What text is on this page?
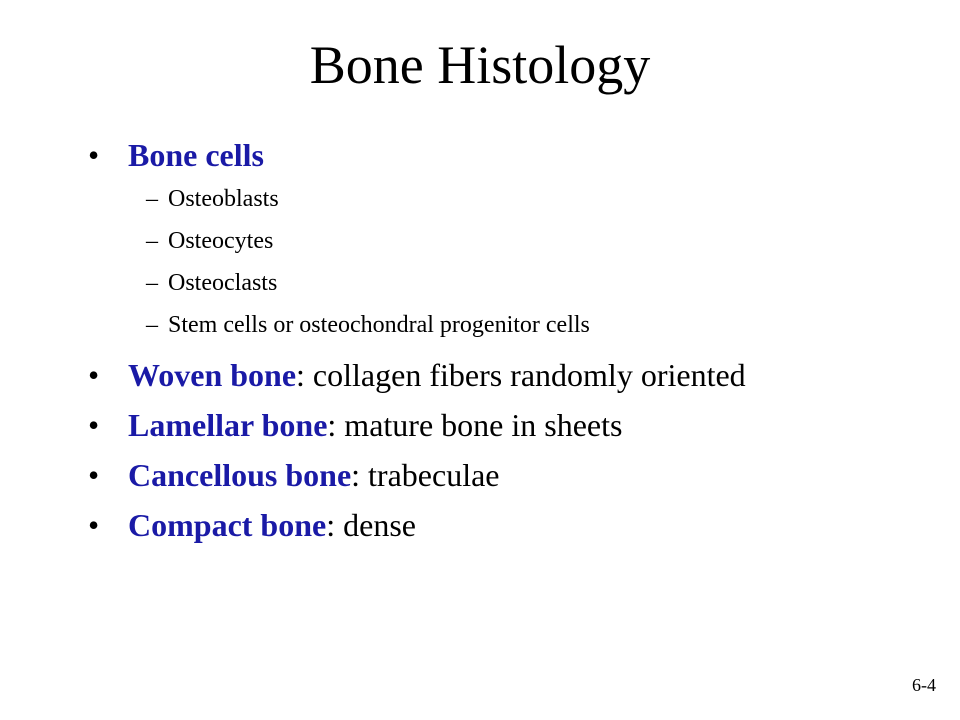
Bone Histology
• Bone cells
– Osteoblasts
– Osteocytes
– Osteoclasts
– Stem cells or osteochondral progenitor cells
• Woven bone: collagen fibers randomly oriented
• Lamellar bone: mature bone in sheets
• Cancellous bone: trabeculae
• Compact bone: dense
6-4
